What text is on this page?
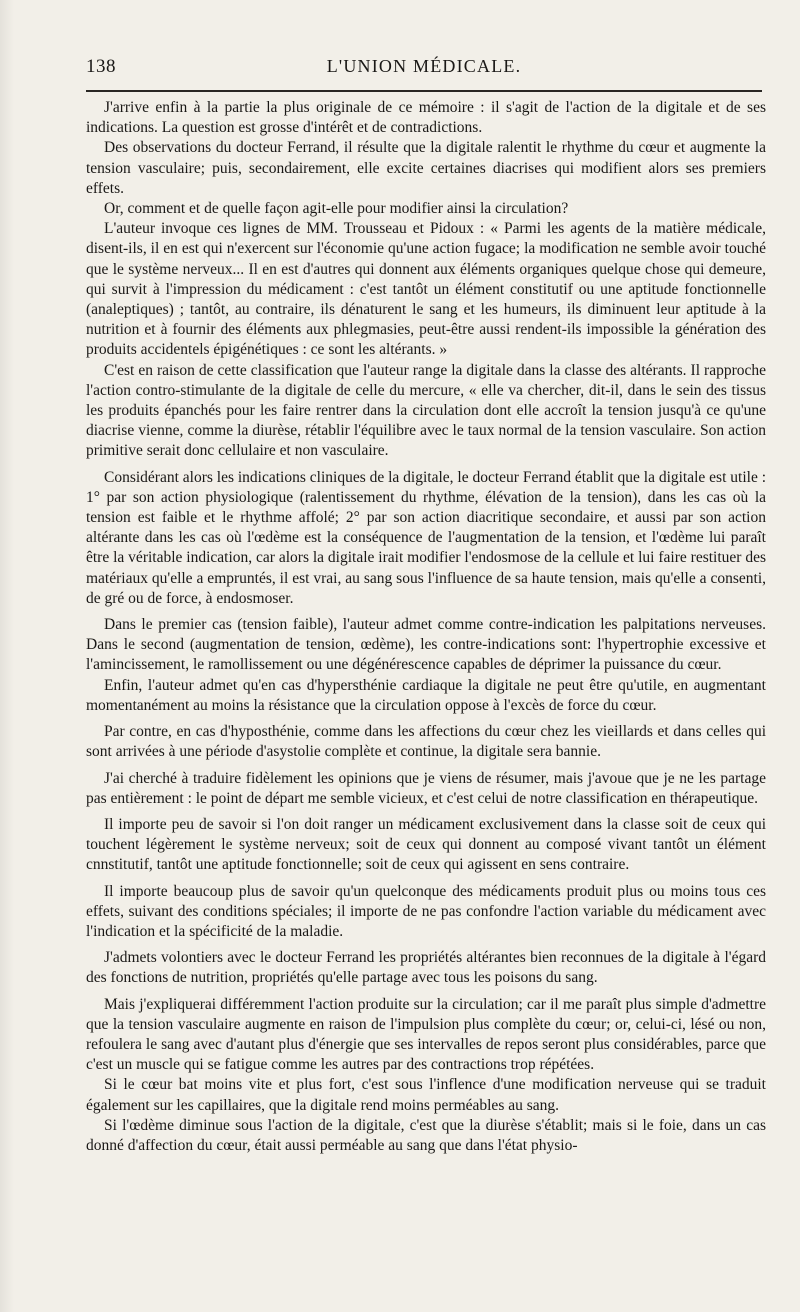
138	L'UNION MÉDICALE.

J'arrive enfin à la partie la plus originale de ce mémoire : il s'agit de l'action de la digitale et de ses indications. La question est grosse d'intérêt et de contradictions.

Des observations du docteur Ferrand, il résulte que la digitale ralentit le rhythme du cœur et augmente la tension vasculaire; puis, secondairement, elle excite certaines diacrises qui modifient alors ses premiers effets.

Or, comment et de quelle façon agit-elle pour modifier ainsi la circulation?

L'auteur invoque ces lignes de MM. Trousseau et Pidoux : « Parmi les agents de la matière médicale, disent-ils, il en est qui n'exercent sur l'économie qu'une action fugace; la modification ne semble avoir touché que le système nerveux... Il en est d'autres qui donnent aux éléments organiques quelque chose qui demeure, qui survit à l'impression du médicament : c'est tantôt un élément constitutif ou une aptitude fonctionnelle (analeptiques) ; tantôt, au contraire, ils dénaturent le sang et les humeurs, ils diminuent leur aptitude à la nutrition et à fournir des éléments aux phlegmasies, peut-être aussi rendent-ils impossible la génération des produits accidentels épigénétiques : ce sont les altérants. »

C'est en raison de cette classification que l'auteur range la digitale dans la classe des altérants. Il rapproche l'action contro-stimulante de la digitale de celle du mercure, « elle va chercher, dit-il, dans le sein des tissus les produits épanchés pour les faire rentrer dans la circulation dont elle accroît la tension jusqu'à ce qu'une diacrise vienne, comme la diurèse, rétablir l'équilibre avec le taux normal de la tension vasculaire. Son action primitive serait donc cellulaire et non vasculaire.

Considérant alors les indications cliniques de la digitale, le docteur Ferrand établit que la digitale est utile : 1° par son action physiologique (ralentissement du rhythme, élévation de la tension), dans les cas où la tension est faible et le rhythme affolé; 2° par son action diacritique secondaire, et aussi par son action altérante dans les cas où l'œdème est la conséquence de l'augmentation de la tension, et l'œdème lui paraît être la véritable indication, car alors la digitale irait modifier l'endosmose de la cellule et lui faire restituer des matériaux qu'elle a empruntés, il est vrai, au sang sous l'influence de sa haute tension, mais qu'elle a consenti, de gré ou de force, à endosmoser.

Dans le premier cas (tension faible), l'auteur admet comme contre-indication les palpitations nerveuses. Dans le second (augmentation de tension, œdème), les contre-indications sont: l'hypertrophie excessive et l'amincissement, le ramollissement ou une dégénérescence capables de déprimer la puissance du cœur.

Enfin, l'auteur admet qu'en cas d'hypersthénie cardiaque la digitale ne peut être qu'utile, en augmentant momentanément au moins la résistance que la circulation oppose à l'excès de force du cœur.

Par contre, en cas d'hyposthénie, comme dans les affections du cœur chez les vieillards et dans celles qui sont arrivées à une période d'asystolie complète et continue, la digitale sera bannie.

J'ai cherché à traduire fidèlement les opinions que je viens de résumer, mais j'avoue que je ne les partage pas entièrement : le point de départ me semble vicieux, et c'est celui de notre classification en thérapeutique.

Il importe peu de savoir si l'on doit ranger un médicament exclusivement dans la classe soit de ceux qui touchent légèrement le système nerveux; soit de ceux qui donnent au composé vivant tantôt un élément cnnstitutif, tantôt une aptitude fonctionnelle; soit de ceux qui agissent en sens contraire.

Il importe beaucoup plus de savoir qu'un quelconque des médicaments produit plus ou moins tous ces effets, suivant des conditions spéciales; il importe de ne pas confondre l'action variable du médicament avec l'indication et la spécificité de la maladie.

J'admets volontiers avec le docteur Ferrand les propriétés altérantes bien reconnues de la digitale à l'égard des fonctions de nutrition, propriétés qu'elle partage avec tous les poisons du sang.

Mais j'expliquerai différemment l'action produite sur la circulation; car il me paraît plus simple d'admettre que la tension vasculaire augmente en raison de l'impulsion plus complète du cœur; or, celui-ci, lésé ou non, refoulera le sang avec d'autant plus d'énergie que ses intervalles de repos seront plus considérables, parce que c'est un muscle qui se fatigue comme les autres par des contractions trop répétées.

Si le cœur bat moins vite et plus fort, c'est sous l'inflence d'une modification nerveuse qui se traduit également sur les capillaires, que la digitale rend moins perméables au sang.

Si l'œdème diminue sous l'action de la digitale, c'est que la diurèse s'établit; mais si le foie, dans un cas donné d'affection du cœur, était aussi perméable au sang que dans l'état physio-
